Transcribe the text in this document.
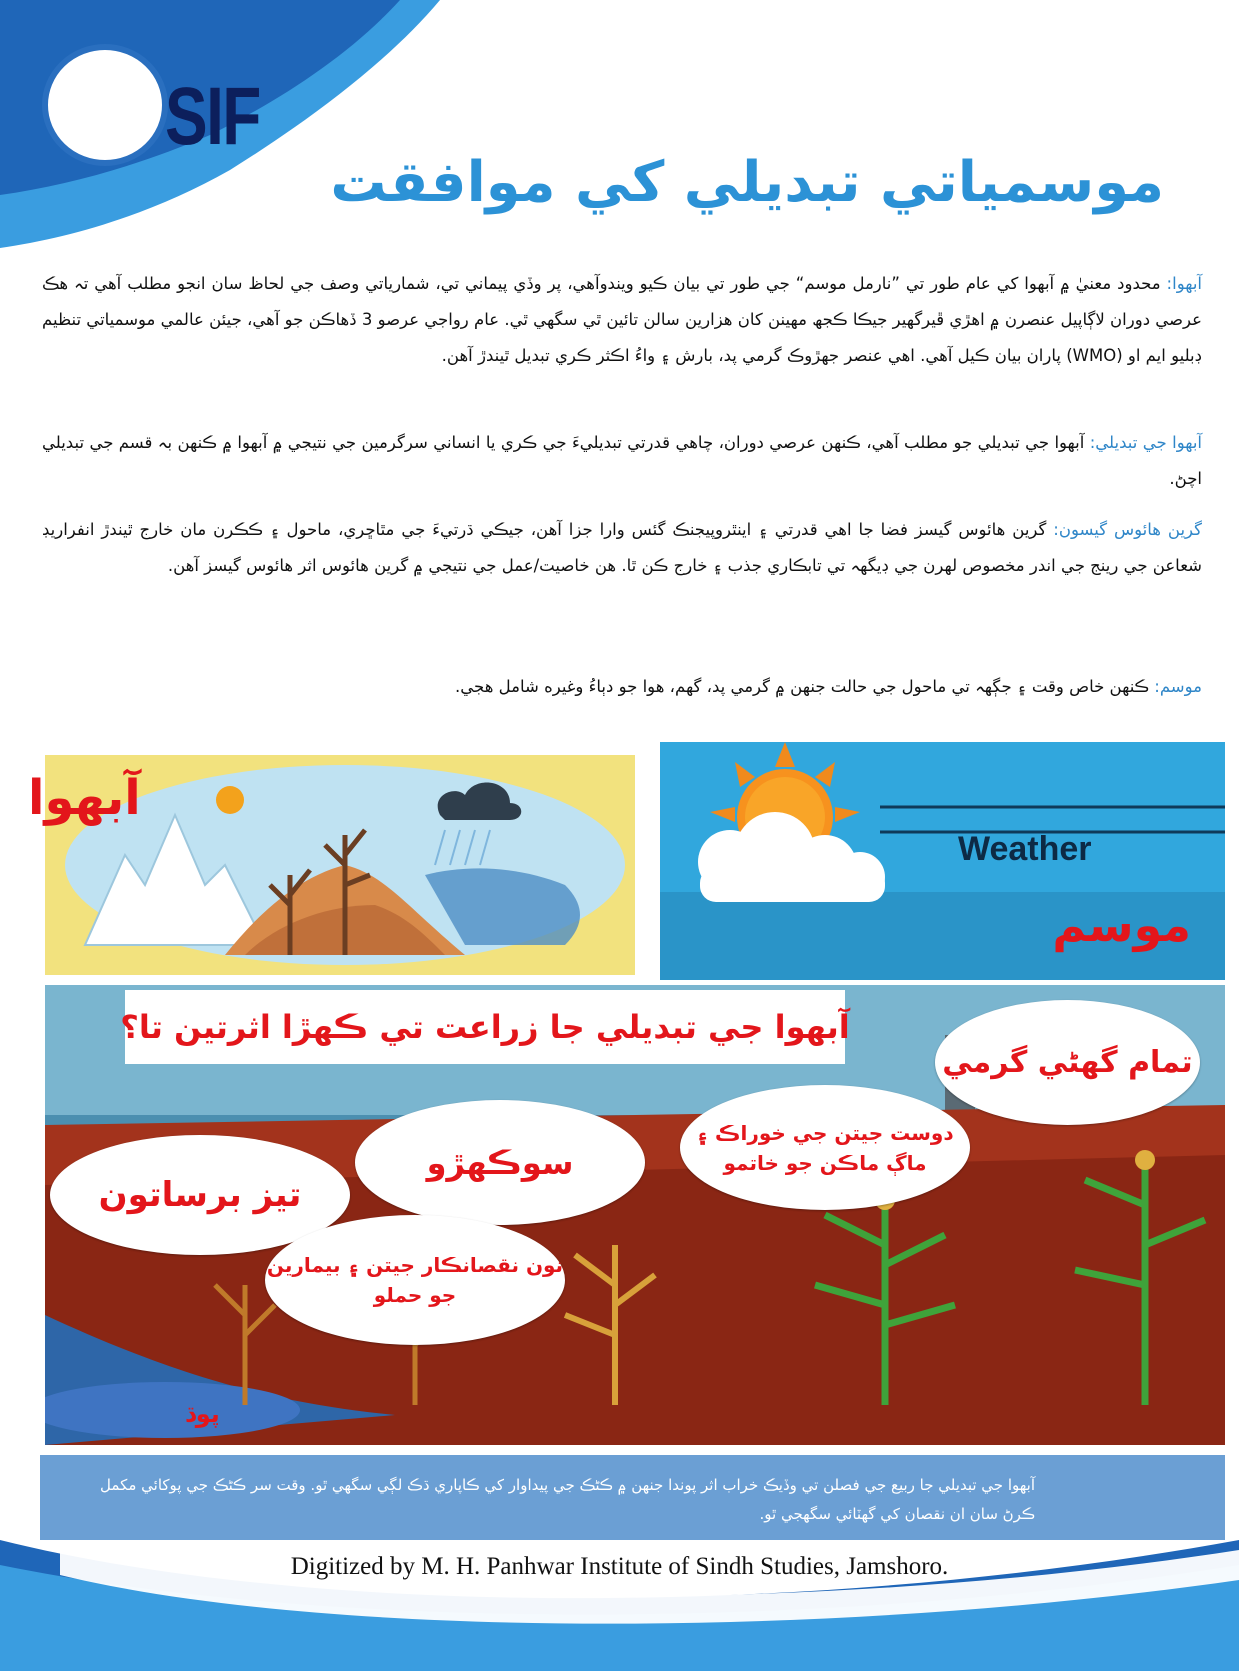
SIF
موسمياتي تبديلي کي موافقت
آبهوا: محدود معنيٰ ۾ آبهوا کي عام طور تي ”نارمل موسم“ جي طور تي بيان ڪيو ويندوآهي، پر وڏي پيماني تي، شمارياتي وصف جي لحاظ سان انجو مطلب آهي تہ هڪ عرصي دوران لاڳاپيل عنصرن ۾ اهڙي ڦيرگهير جيڪا ڪجھ مهينن کان هزارين سالن تائين ٿي سگهي ٿي. عام رواجي عرصو 3 ڏهاڪن جو آهي، جيئن عالمي موسمياتي تنظيم ڊبليو ايم او (WMO) پاران بيان ڪيل آهي. اهي عنصر جهڙوڪ گرمي پد، بارش ۽ واءُ اڪثر ڪري تبديل ٿيندڙ آهن.
آبهوا جي تبديلي: آبهوا جي تبديلي جو مطلب آهي، ڪنهن عرصي دوران، چاهي قدرتي تبديليءَ جي ڪري يا انساني سرگرمين جي نتيجي ۾ آبهوا ۾ ڪنهن بہ قسم جي تبديلي اچڻ.
گرين هائوس گيسون: گرين هائوس گيسز فضا جا اهي قدرتي ۽ اينٿروپيجنڪ گئس وارا جزا آهن، جيڪي ڌرتيءَ جي مٿاڇري، ماحول ۽ ڪڪرن مان خارج ٿيندڙ انفراريڊ شعاعن جي رينج جي اندر مخصوص لهرن جي ڊيگهہ تي تابڪاري جذب ۽ خارج ڪن ٿا. هن خاصيت/عمل جي نتيجي ۾ گرين هائوس اثر هائوس گيسز آهن.
موسم: ڪنهن خاص وقت ۽ جڳهہ تي ماحول جي حالت جنهن ۾ گرمي پد، گهم، هوا جو دٻاءُ وغيره شامل هجي.
آبهوا
Weather
موسم
آبهوا جي تبديلي جا زراعت تي ڪهڙا اثرتين تا؟
تمام گهڻي گرمي
دوست جيتن جي خوراڪ ۽ ماڳ ماڪن جو خاتمو
سوڪهڙو
تيز برساتون
نون نقصانڪار جيتن ۽ بيمارين جو حملو
پوڌ
آبهوا جي تبديلي جا ربيع جي فصلن تي وڏيڪ خراب اثر پوندا جنهن ۾ ڪڻڪ جي پيداوار کي ڪاپاري ڌڪ لڳي سگهي ٿو. وقت سر ڪڻڪ جي پوکائي مکمل ڪرڻ سان ان نقصان کي گهٽائي سگهجي ٿو.
Digitized by M. H. Panhwar Institute of Sindh Studies, Jamshoro.
